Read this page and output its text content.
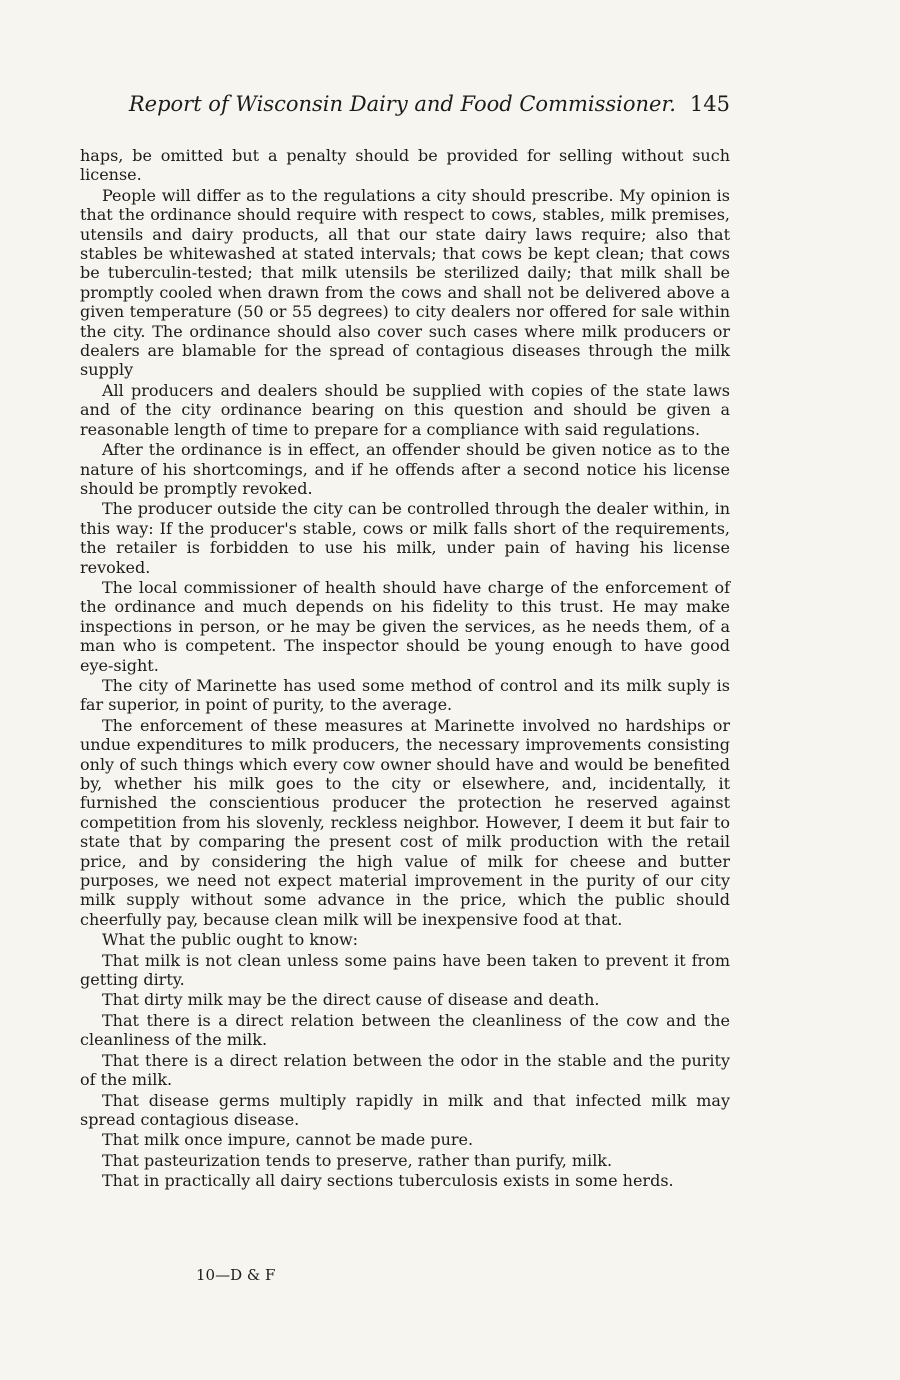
Report of Wisconsin Dairy and Food Commissioner. 145

haps, be omitted but a penalty should be provided for selling without such license.

People will differ as to the regulations a city should prescribe. My opinion is that the ordinance should require with respect to cows, stables, milk premises, utensils and dairy products, all that our state dairy laws require; also that stables be whitewashed at stated intervals; that cows be kept clean; that cows be tuberculin-tested; that milk utensils be sterilized daily; that milk shall be promptly cooled when drawn from the cows and shall not be delivered above a given temperature (50 or 55 degrees) to city dealers nor offered for sale within the city. The ordinance should also cover such cases where milk producers or dealers are blamable for the spread of contagious diseases through the milk supply

All producers and dealers should be supplied with copies of the state laws and of the city ordinance bearing on this question and should be given a reasonable length of time to prepare for a compliance with said regulations.

After the ordinance is in effect, an offender should be given notice as to the nature of his shortcomings, and if he offends after a second notice his license should be promptly revoked.

The producer outside the city can be controlled through the dealer within, in this way: If the producer's stable, cows or milk falls short of the requirements, the retailer is forbidden to use his milk, under pain of having his license revoked.

The local commissioner of health should have charge of the enforcement of the ordinance and much depends on his fidelity to this trust. He may make inspections in person, or he may be given the services, as he needs them, of a man who is competent. The inspector should be young enough to have good eye-sight.

The city of Marinette has used some method of control and its milk suply is far superior, in point of purity, to the average.

The enforcement of these measures at Marinette involved no hardships or undue expenditures to milk producers, the necessary improvements consisting only of such things which every cow owner should have and would be benefited by, whether his milk goes to the city or elsewhere, and, incidentally, it furnished the conscientious producer the protection he reserved against competition from his slovenly, reckless neighbor. However, I deem it but fair to state that by comparing the present cost of milk production with the retail price, and by considering the high value of milk for cheese and butter purposes, we need not expect material improvement in the purity of our city milk supply without some advance in the price, which the public should cheerfully pay, because clean milk will be inexpensive food at that.

What the public ought to know:

That milk is not clean unless some pains have been taken to prevent it from getting dirty.

That dirty milk may be the direct cause of disease and death.

That there is a direct relation between the cleanliness of the cow and the cleanliness of the milk.

That there is a direct relation between the odor in the stable and the purity of the milk.

That disease germs multiply rapidly in milk and that infected milk may spread contagious disease.

That milk once impure, cannot be made pure.

That pasteurization tends to preserve, rather than purify, milk.

That in practically all dairy sections tuberculosis exists in some herds.

10—D & F
